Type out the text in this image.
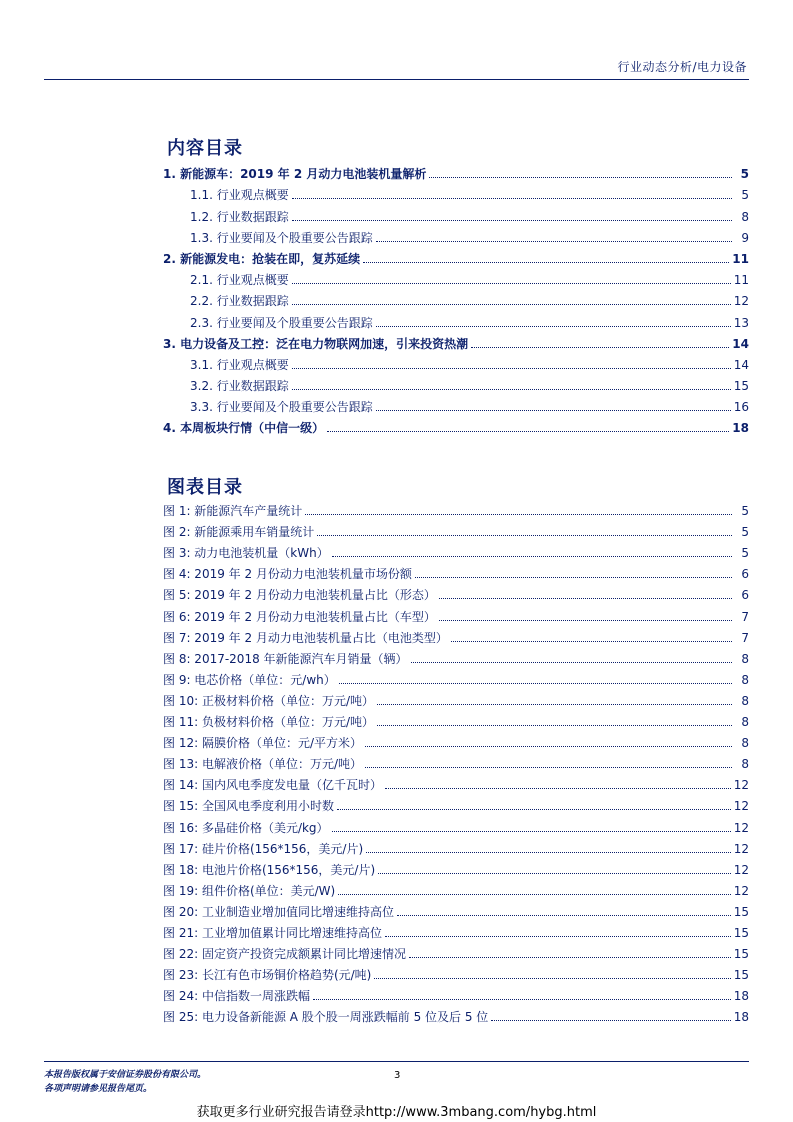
行业动态分析/电力设备
内容目录
1. 新能源车：2019 年 2 月动力电池装机量解析	5
1.1. 行业观点概要	5
1.2. 行业数据跟踪	8
1.3. 行业要闻及个股重要公告跟踪	9
2. 新能源发电：抢装在即，复苏延续	11
2.1. 行业观点概要	11
2.2. 行业数据跟踪	12
2.3. 行业要闻及个股重要公告跟踪	13
3. 电力设备及工控：泛在电力物联网加速，引来投资热潮	14
3.1. 行业观点概要	14
3.2. 行业数据跟踪	15
3.3. 行业要闻及个股重要公告跟踪	16
4. 本周板块行情（中信一级）	18
图表目录
图 1: 新能源汽车产量统计	5
图 2: 新能源乘用车销量统计	5
图 3: 动力电池装机量（kWh）	5
图 4: 2019 年 2 月份动力电池装机量市场份额	6
图 5: 2019 年 2 月份动力电池装机量占比（形态）	6
图 6: 2019 年 2 月份动力电池装机量占比（车型）	7
图 7: 2019 年 2 月动力电池装机量占比（电池类型）	7
图 8: 2017-2018 年新能源汽车月销量（辆）	8
图 9: 电芯价格（单位：元/wh）	8
图 10: 正极材料价格（单位：万元/吨）	8
图 11: 负极材料价格（单位：万元/吨）	8
图 12: 隔膜价格（单位：元/平方米）	8
图 13: 电解液价格（单位：万元/吨）	8
图 14: 国内风电季度发电量（亿千瓦时）	12
图 15: 全国风电季度利用小时数	12
图 16: 多晶硅价格（美元/kg）	12
图 17: 硅片价格(156*156，美元/片)	12
图 18: 电池片价格(156*156，美元/片)	12
图 19: 组件价格(单位：美元/W)	12
图 20: 工业制造业增加值同比增速维持高位	15
图 21: 工业增加值累计同比增速维持高位	15
图 22: 固定资产投资完成额累计同比增速情况	15
图 23: 长江有色市场铜价格趋势(元/吨)	15
图 24: 中信指数一周涨跌幅	18
图 25: 电力设备新能源 A 股个股一周涨跌幅前 5 位及后 5 位	18
本报告版权属于安信证券股份有限公司。
各项声明请参见报告尾页。
3
获取更多行业研究报告请登录http://www.3mbang.com/hybg.html
